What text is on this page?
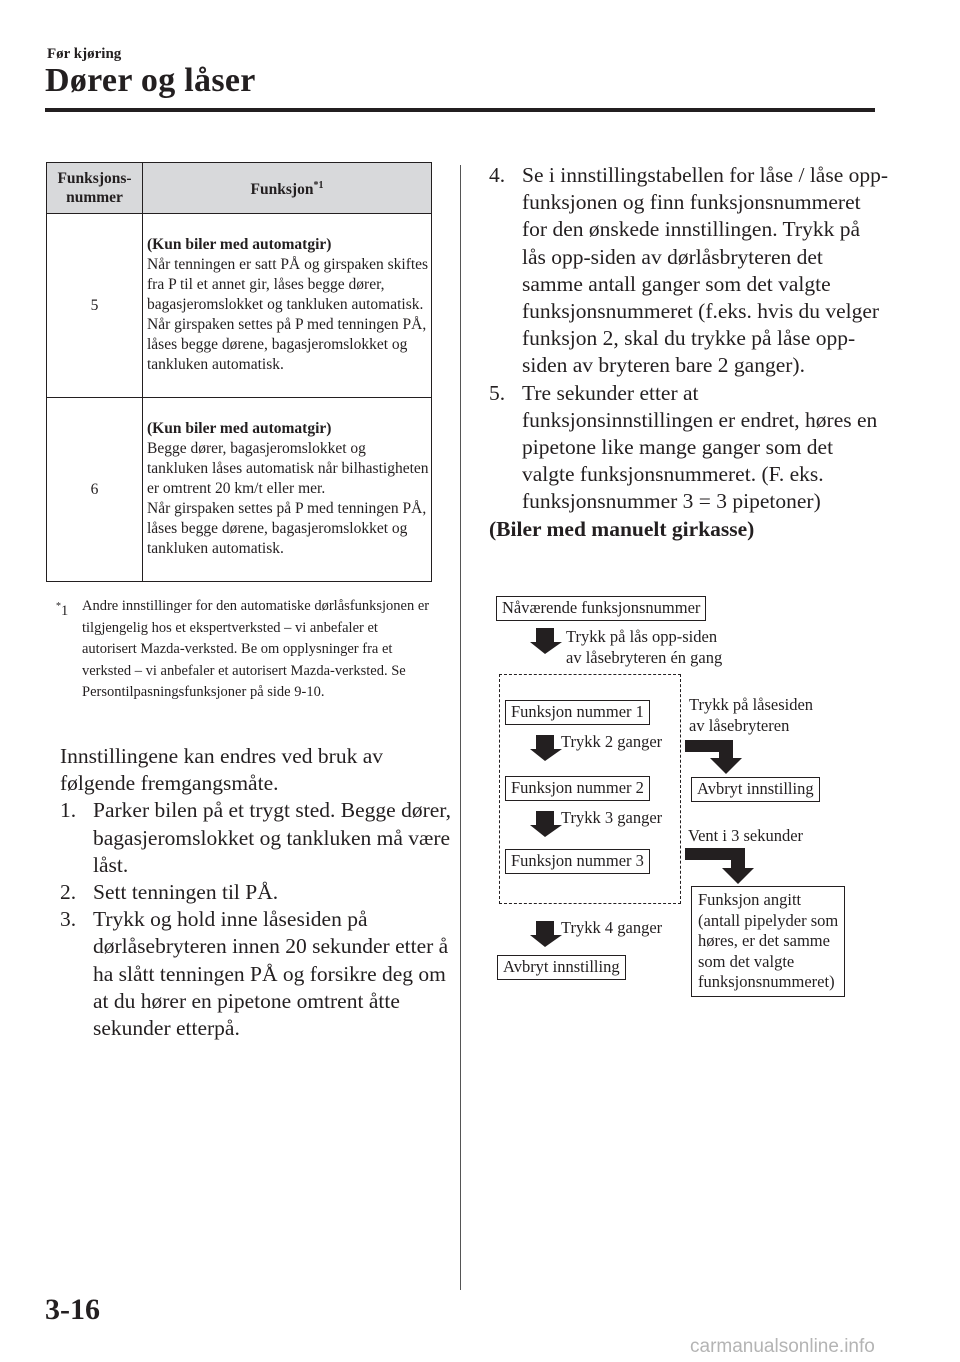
Før kjøring
Dører og låser
Funksjons-
nummer	Funksjon$^{*1}$
5	(Kun biler med automatgir)
Når tenningen er satt PÅ og girspaken skiftes fra P til et annet gir, låses begge dører, bagasjeromslokket og tankluken automatisk.
Når girspaken settes på P med tenningen PÅ, låses begge dørene, bagasjeromslokket og tankluken automatisk.

6	(Kun biler med automatgir)
Begge dører, bagasjeromslokket og tankluken låses automatisk når bilhastigheten er omtrent 20 km/t eller mer.
Når girspaken settes på P med tenningen PÅ, låses begge dørene, bagasjeromslokket og tankluken automatisk.
*1 Andre innstillinger for den automatiske dørlåsfunksjonen er tilgjengelig hos et ekspertverksted – vi anbefaler et autorisert Mazda-verksted. Be om opplysninger fra et verksted – vi anbefaler et autorisert Mazda-verksted. Se Persontilpasningsfunksjoner på side 9-10.
Innstillingene kan endres ved bruk av følgende fremgangsmåte.
1. Parker bilen på et trygt sted. Begge dører, bagasjeromslokket og tankluken må være låst.
2. Sett tenningen til PÅ.
3. Trykk og hold inne låsesiden på dørlåsebryteren innen 20 sekunder etter å ha slått tenningen PÅ og forsikre deg om at du hører en pipetone omtrent åtte sekunder etterpå.
4. Se i innstillingstabellen for låse / låse opp-funksjonen og finn funksjonsnummeret for den ønskede innstillingen. Trykk på lås opp-siden av dørlåsbryteren det samme antall ganger som det valgte funksjonsnummeret (f.eks. hvis du velger funksjon 2, skal du trykke på låse opp-siden av bryteren bare 2 ganger).
5. Tre sekunder etter at funksjonsinnstillingen er endret, høres en pipetone like mange ganger som det valgte funksjonsnummeret. (F. eks. funksjonsnummer 3 = 3 pipetoner)
(Biler med manuelt girkasse)
Nåværende funksjonsnummer
Trykk på lås opp-siden
av låsebryteren én gang
Funksjon nummer 1
Trykk 2 ganger
Funksjon nummer 2
Trykk 3 ganger
Funksjon nummer 3
Trykk 4 ganger
Avbryt innstilling
Trykk på låsesiden
av låsebryteren
Avbryt innstilling
Vent i 3 sekunder
Funksjon angitt
(antall pipelyder som
høres, er det samme
som det valgte
funksjonsnummeret)
3-16
carmanualsonline.info
